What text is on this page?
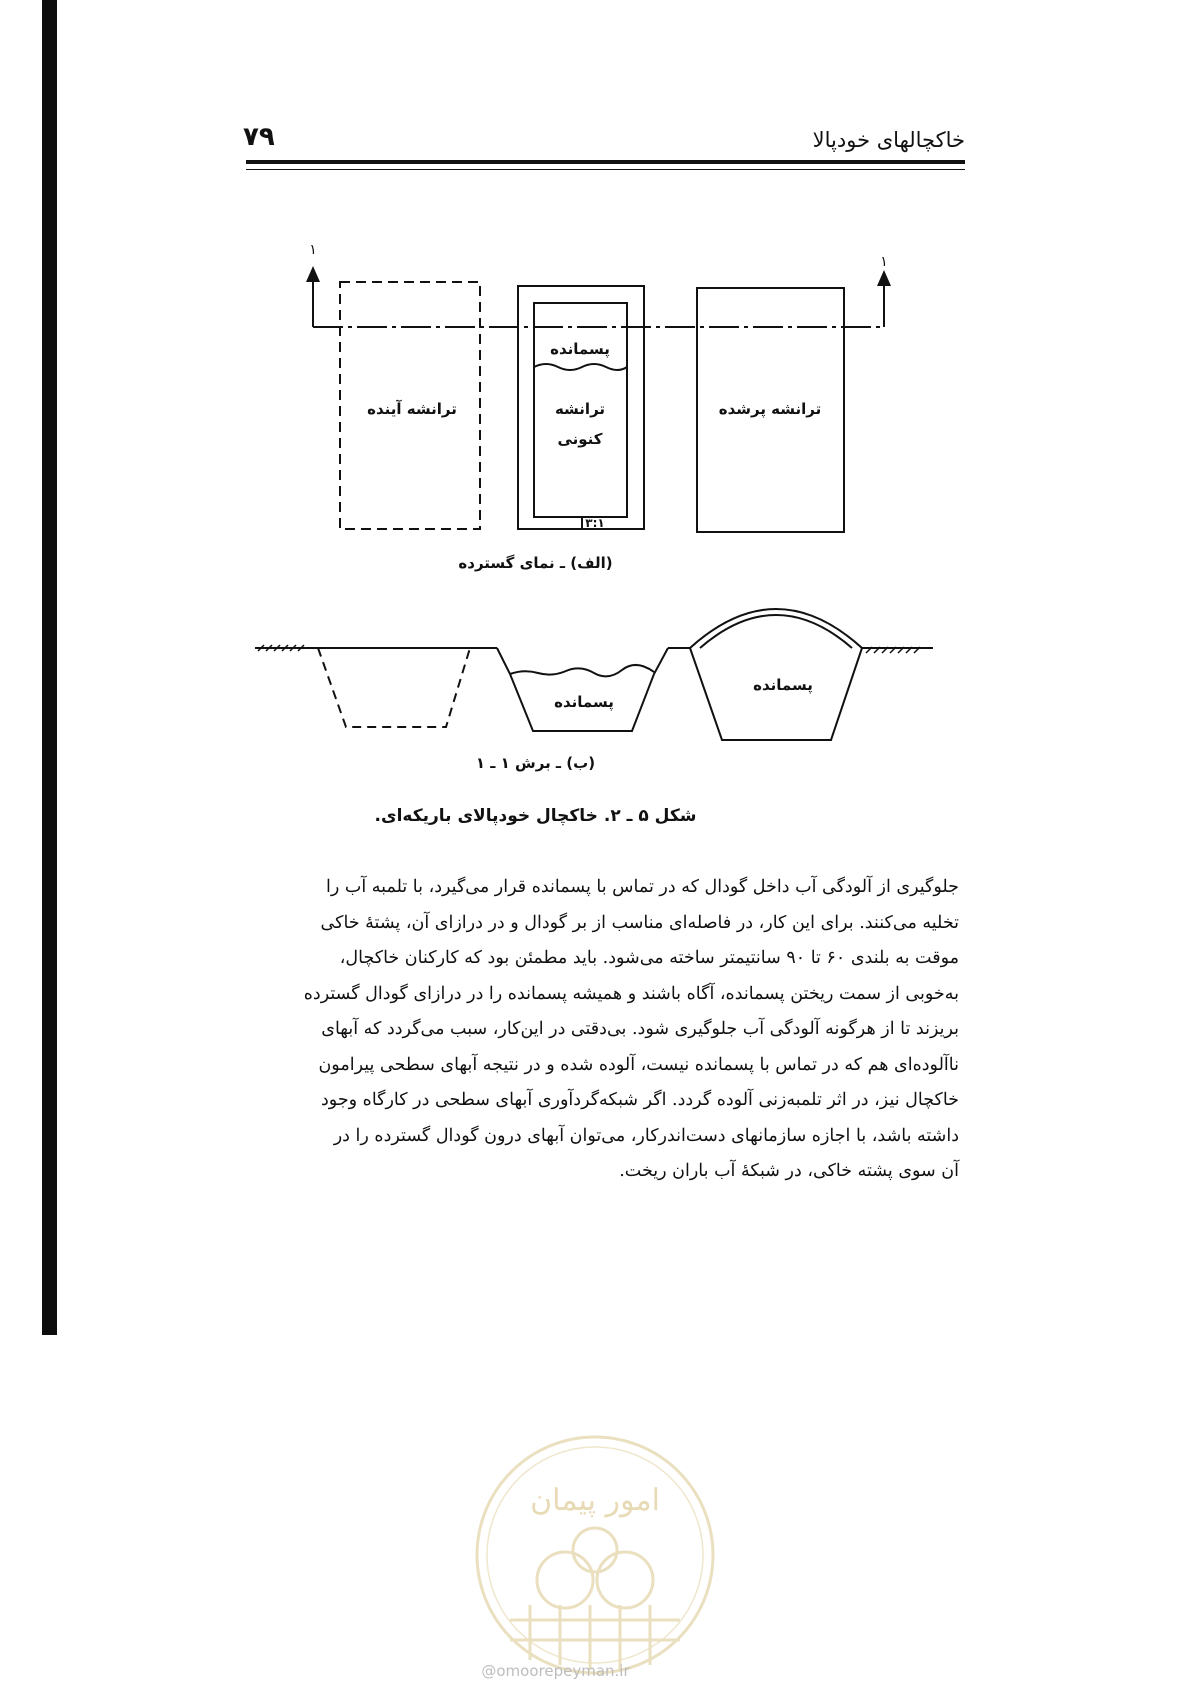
۷۹	خاکچالهای خودپالا
۱
۱
ترانشه آینده
پسمانده
ترانشه
کنونی
ترانشه پرشده
۳:۱
پسمانده
پسمانده
(الف) ـ نمای گسترده
(ب) ـ برش ۱ ـ ۱
شکل ۵ ـ ۲. خاکچال خودپالای باریکه‌ای.

جلوگیری از آلودگی آب داخل گودال که در تماس با پسمانده قرار می‌گیرد، با تلمبه آب را

تخلیه می‌کنند. برای این کار، در فاصله‌ای مناسب از بر گودال و در درازای آن، پشتهٔ خاکی

موقت به بلندی ۶۰ تا ۹۰ سانتیمتر ساخته می‌شود. باید مطمئن بود که کارکنان خاکچال،

به‌خوبی از سمت ریختن پسمانده، آگاه باشند و همیشه پسمانده را در درازای گودال گسترده

بریزند تا از هرگونه آلودگی آب جلوگیری شود. بی‌دقتی در این‌کار، سبب می‌گردد که آبهای

ناآلوده‌ای هم که در تماس با پسمانده نیست، آلوده شده و در نتیجه آبهای سطحی پیرامون

خاکچال نیز، در اثر تلمبه‌زنی آلوده گردد. اگر شبکه‌گردآوری آبهای سطحی در کارگاه وجود

داشته باشد، با اجازه سازمانهای دست‌اندرکار، می‌توان آبهای درون گودال گسترده را در

آن سوی پشته خاکی، در شبکهٔ آب باران ریخت.

امور پیمان
@omoorepeyman.ir
